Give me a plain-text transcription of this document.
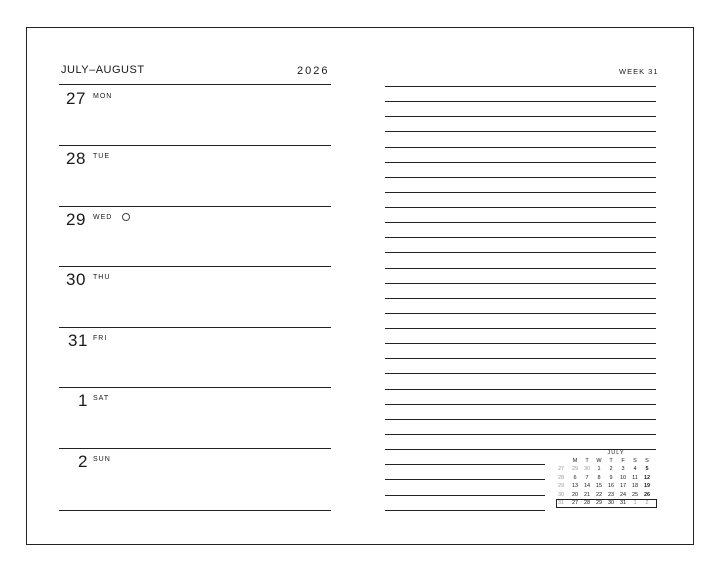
JULY–AUGUST	2026	WEEK 31
27 MON
28 TUE
29 WED
30 THU
31 FRI
1 SAT
2 SUN
JULY
M	T	W	T	F	S	S
27	29	30	1	2	3	4	5
28	6	7	8	9	10	11	12
29	13	14	15	16	17	18	19
30	20	21	22	23	24	25	26
31	27	28	29	30	31	1	2
